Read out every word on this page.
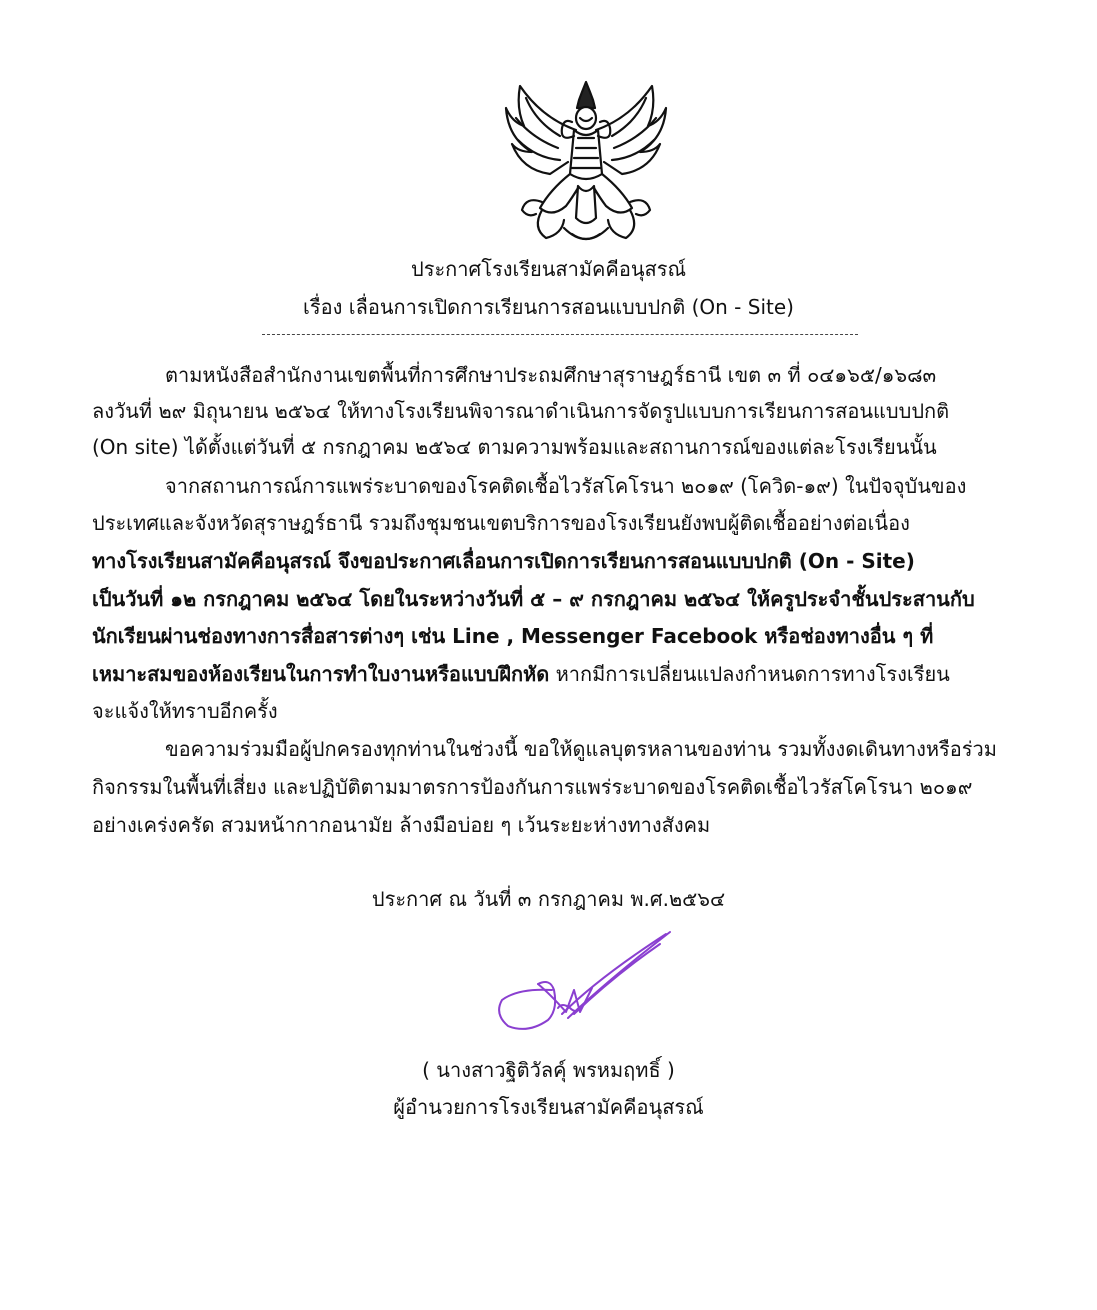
ประกาศโรงเรียนสามัคคีอนุสรณ์
เรื่อง เลื่อนการเปิดการเรียนการสอนแบบปกติ (On - Site)
ตามหนังสือสำนักงานเขตพื้นที่การศึกษาประถมศึกษาสุราษฎร์ธานี เขต ๓ ที่ ๐๔๑๖๕/๑๖๘๓
ลงวันที่ ๒๙ มิถุนายน ๒๕๖๔ ให้ทางโรงเรียนพิจารณาดำเนินการจัดรูปแบบการเรียนการสอนแบบปกติ
(On site) ได้ตั้งแต่วันที่ ๕ กรกฎาคม ๒๕๖๔ ตามความพร้อมและสถานการณ์ของแต่ละโรงเรียนนั้น
จากสถานการณ์การแพร่ระบาดของโรคติดเชื้อไวรัสโคโรนา ๒๐๑๙ (โควิด-๑๙) ในปัจจุบันของ
ประเทศและจังหวัดสุราษฎร์ธานี รวมถึงชุมชนเขตบริการของโรงเรียนยังพบผู้ติดเชื้ออย่างต่อเนื่อง
ทางโรงเรียนสามัคคีอนุสรณ์ จึงขอประกาศเลื่อนการเปิดการเรียนการสอนแบบปกติ (On - Site)
เป็นวันที่ ๑๒ กรกฎาคม ๒๕๖๔ โดยในระหว่างวันที่ ๕ – ๙ กรกฎาคม ๒๕๖๔ ให้ครูประจำชั้นประสานกับ
นักเรียนผ่านช่องทางการสื่อสารต่างๆ เช่น Line , Messenger Facebook หรือช่องทางอื่น ๆ ที่
เหมาะสมของห้องเรียนในการทำใบงานหรือแบบฝึกหัด หากมีการเปลี่ยนแปลงกำหนดการทางโรงเรียน
จะแจ้งให้ทราบอีกครั้ง
ขอความร่วมมือผู้ปกครองทุกท่านในช่วงนี้ ขอให้ดูแลบุตรหลานของท่าน รวมทั้งงดเดินทางหรือร่วม
กิจกรรมในพื้นที่เสี่ยง และปฏิบัติตามมาตรการป้องกันการแพร่ระบาดของโรคติดเชื้อไวรัสโคโรนา ๒๐๑๙
อย่างเคร่งครัด สวมหน้ากากอนามัย ล้างมือบ่อย ๆ เว้นระยะห่างทางสังคม
ประกาศ ณ วันที่ ๓ กรกฎาคม พ.ศ.๒๕๖๔
( นางสาวฐิติวัลคุ์ พรหมฤทธิ์ )
ผู้อำนวยการโรงเรียนสามัคคีอนุสรณ์
